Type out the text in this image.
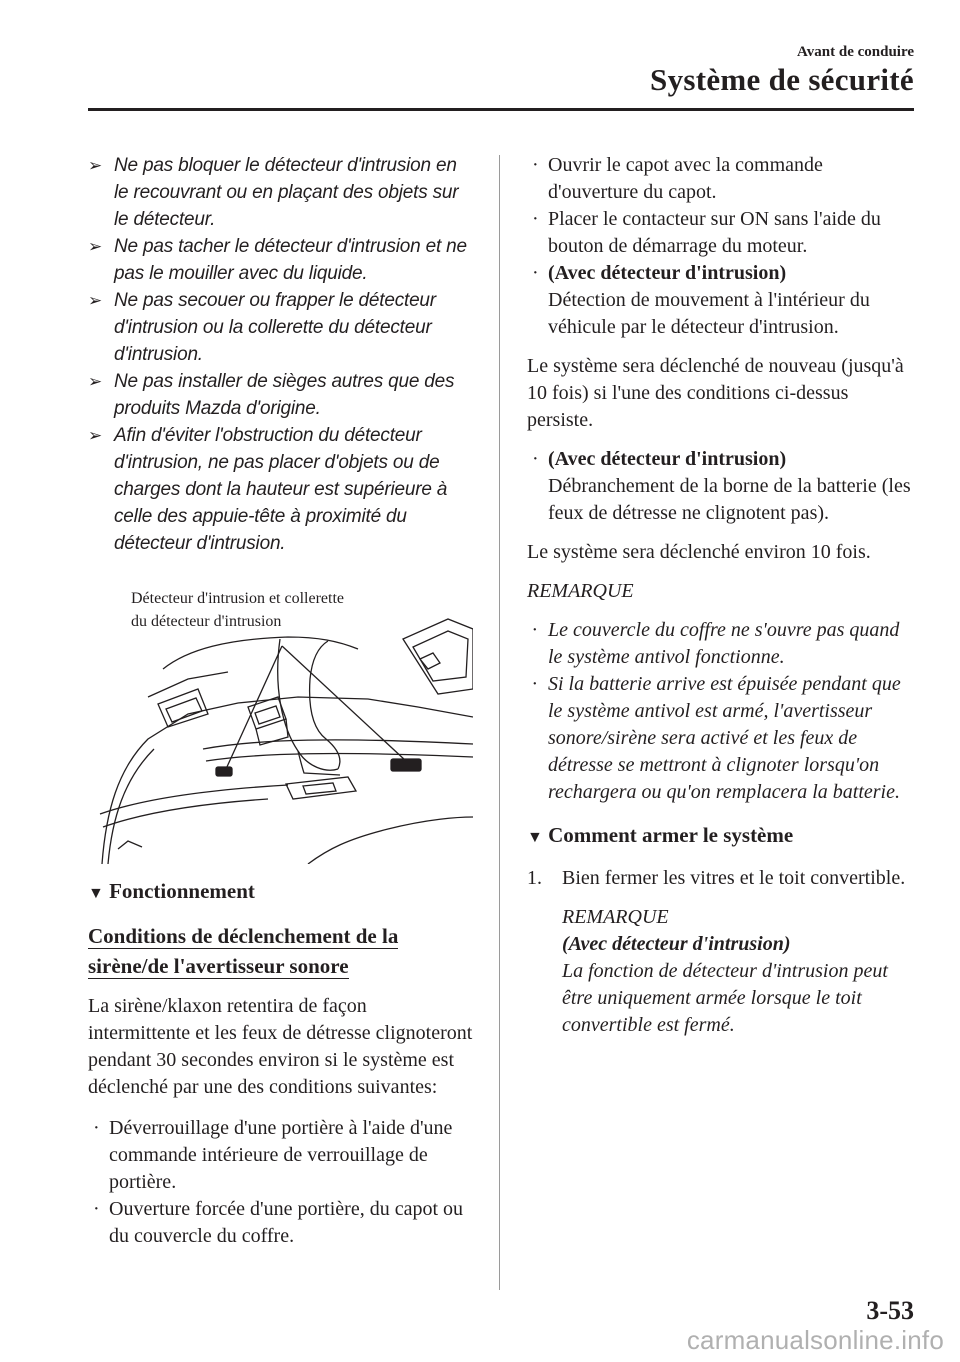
Avant de conduire
Système de sécurité
➢ Ne pas bloquer le détecteur d'intrusion en le recouvrant ou en plaçant des objets sur le détecteur.
➢ Ne pas tacher le détecteur d'intrusion et ne pas le mouiller avec du liquide.
➢ Ne pas secouer ou frapper le détecteur d'intrusion ou la collerette du détecteur d'intrusion.
➢ Ne pas installer de sièges autres que des produits Mazda d'origine.
➢ Afin d'éviter l'obstruction du détecteur d'intrusion, ne pas placer d'objets ou de charges dont la hauteur est supérieure à celle des appuie-tête à proximité du détecteur d'intrusion.
Détecteur d'intrusion et collerette
du détecteur d'intrusion
▼ Fonctionnement
Conditions de déclenchement de la
sirène/de l'avertisseur sonore
La sirène/klaxon retentira de façon intermittente et les feux de détresse clignoteront pendant 30 secondes environ si le système est déclenché par une des conditions suivantes:
· Déverrouillage d'une portière à l'aide d'une commande intérieure de verrouillage de portière.
· Ouverture forcée d'une portière, du capot ou du couvercle du coffre.
· Ouvrir le capot avec la commande d'ouverture du capot.
· Placer le contacteur sur ON sans l'aide du bouton de démarrage du moteur.
· (Avec détecteur d'intrusion)
Détection de mouvement à l'intérieur du véhicule par le détecteur d'intrusion.
Le système sera déclenché de nouveau (jusqu'à 10 fois) si l'une des conditions ci-dessus persiste.
· (Avec détecteur d'intrusion)
Débranchement de la borne de la batterie (les feux de détresse ne clignotent pas).
Le système sera déclenché environ 10 fois.
REMARQUE
· Le couvercle du coffre ne s'ouvre pas quand le système antivol fonctionne.
· Si la batterie arrive est épuisée pendant que le système antivol est armé, l'avertisseur sonore/sirène sera activé et les feux de détresse se mettront à clignoter lorsqu'on rechargera ou qu'on remplacera la batterie.
▼ Comment armer le système
1. Bien fermer les vitres et le toit convertible.
REMARQUE
(Avec détecteur d'intrusion)
La fonction de détecteur d'intrusion peut être uniquement armée lorsque le toit convertible est fermé.
3-53
carmanualsonline.info
